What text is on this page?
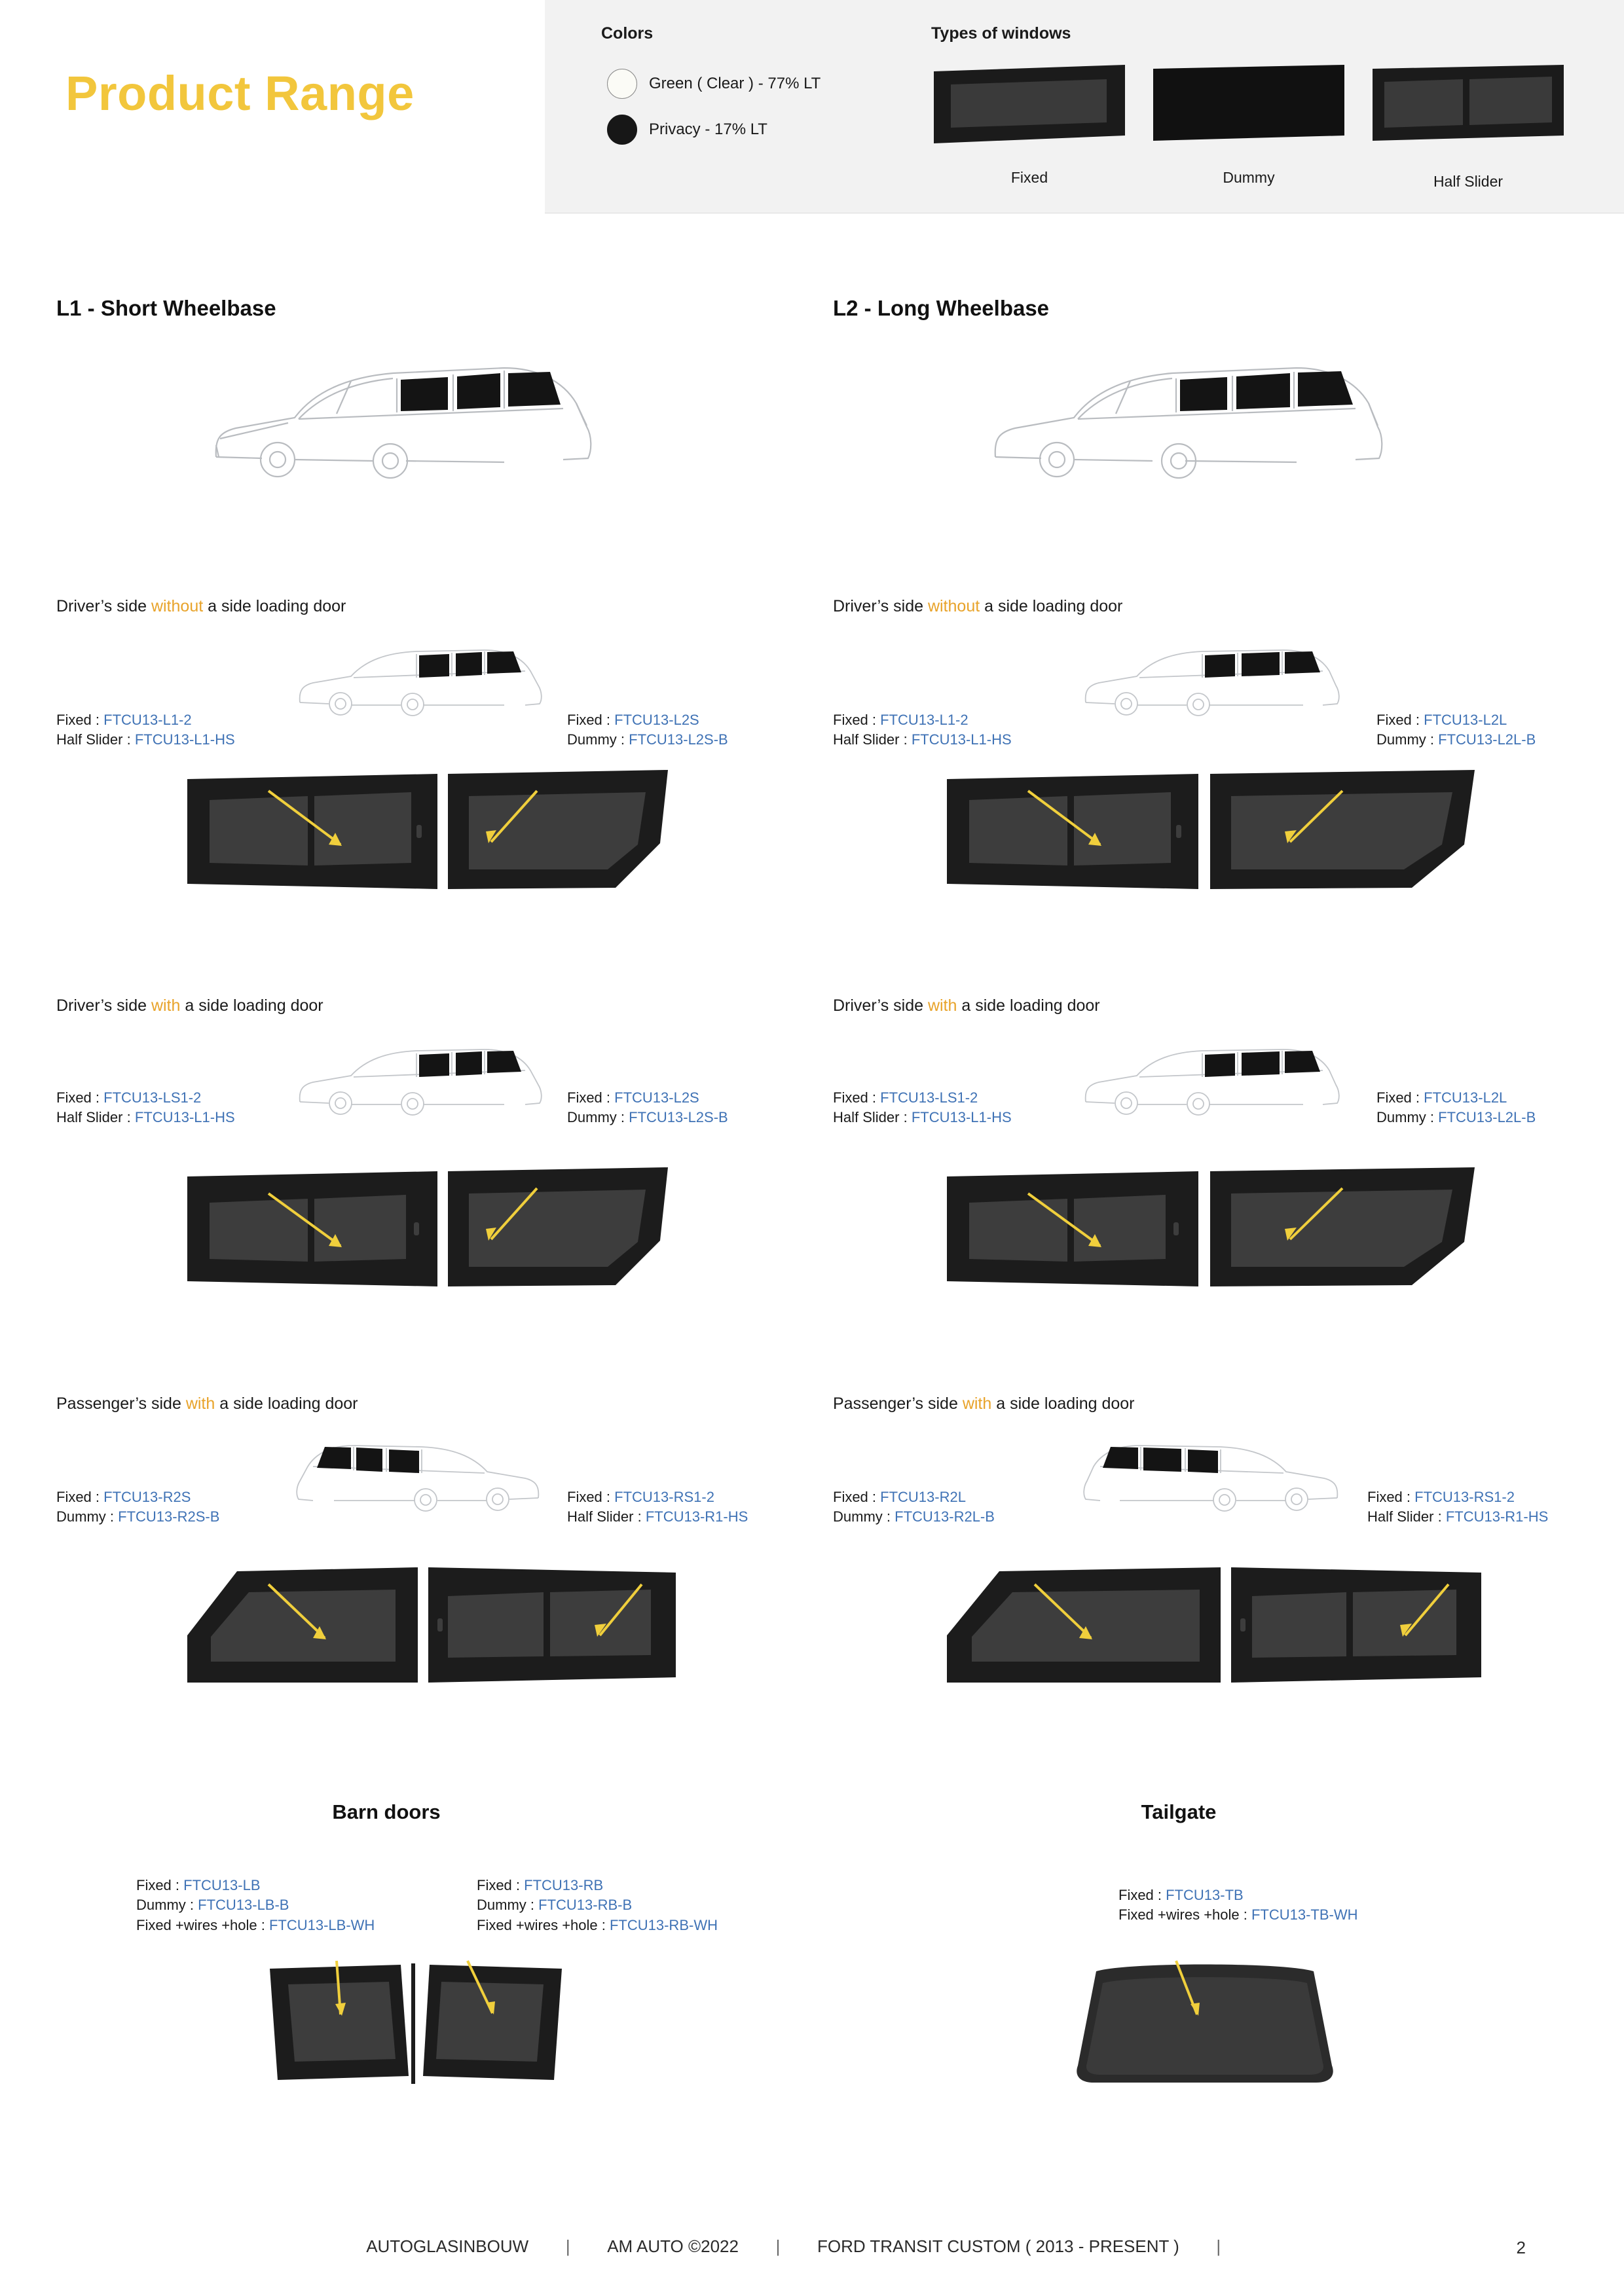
Product Range
Colors	Types of windows
Green ( Clear ) - 77% LT
Privacy - 17% LT
Fixed	Dummy	Half Slider
L1 - Short Wheelbase	L2 - Long Wheelbase
Driver’s side without a side loading door
Fixed : FTCU13-L1-2
Half Slider : FTCU13-L1-HS
Fixed : FTCU13-L2S
Dummy : FTCU13-L2S-B
Driver’s side without a side loading door
Fixed : FTCU13-L1-2
Half Slider : FTCU13-L1-HS
Fixed : FTCU13-L2L
Dummy : FTCU13-L2L-B
Driver’s side with a side loading door
Fixed : FTCU13-LS1-2
Half Slider : FTCU13-L1-HS
Fixed : FTCU13-L2S
Dummy : FTCU13-L2S-B
Driver’s side with a side loading door
Fixed : FTCU13-LS1-2
Half Slider : FTCU13-L1-HS
Fixed : FTCU13-L2L
Dummy : FTCU13-L2L-B
Passenger’s side with a side loading door
Fixed : FTCU13-R2S
Dummy : FTCU13-R2S-B
Fixed : FTCU13-RS1-2
Half Slider : FTCU13-R1-HS
Passenger’s side with a side loading door
Fixed : FTCU13-R2L
Dummy : FTCU13-R2L-B
Fixed : FTCU13-RS1-2
Half Slider : FTCU13-R1-HS
Barn doors
Fixed : FTCU13-LB
Dummy : FTCU13-LB-B
Fixed +wires +hole : FTCU13-LB-WH
Fixed : FTCU13-RB
Dummy : FTCU13-RB-B
Fixed +wires +hole : FTCU13-RB-WH
Tailgate
Fixed : FTCU13-TB
Fixed +wires +hole : FTCU13-TB-WH
AUTOGLASINBOUW	|	AM AUTO ©2022	|	FORD TRANSIT CUSTOM ( 2013 - PRESENT )	|	2
